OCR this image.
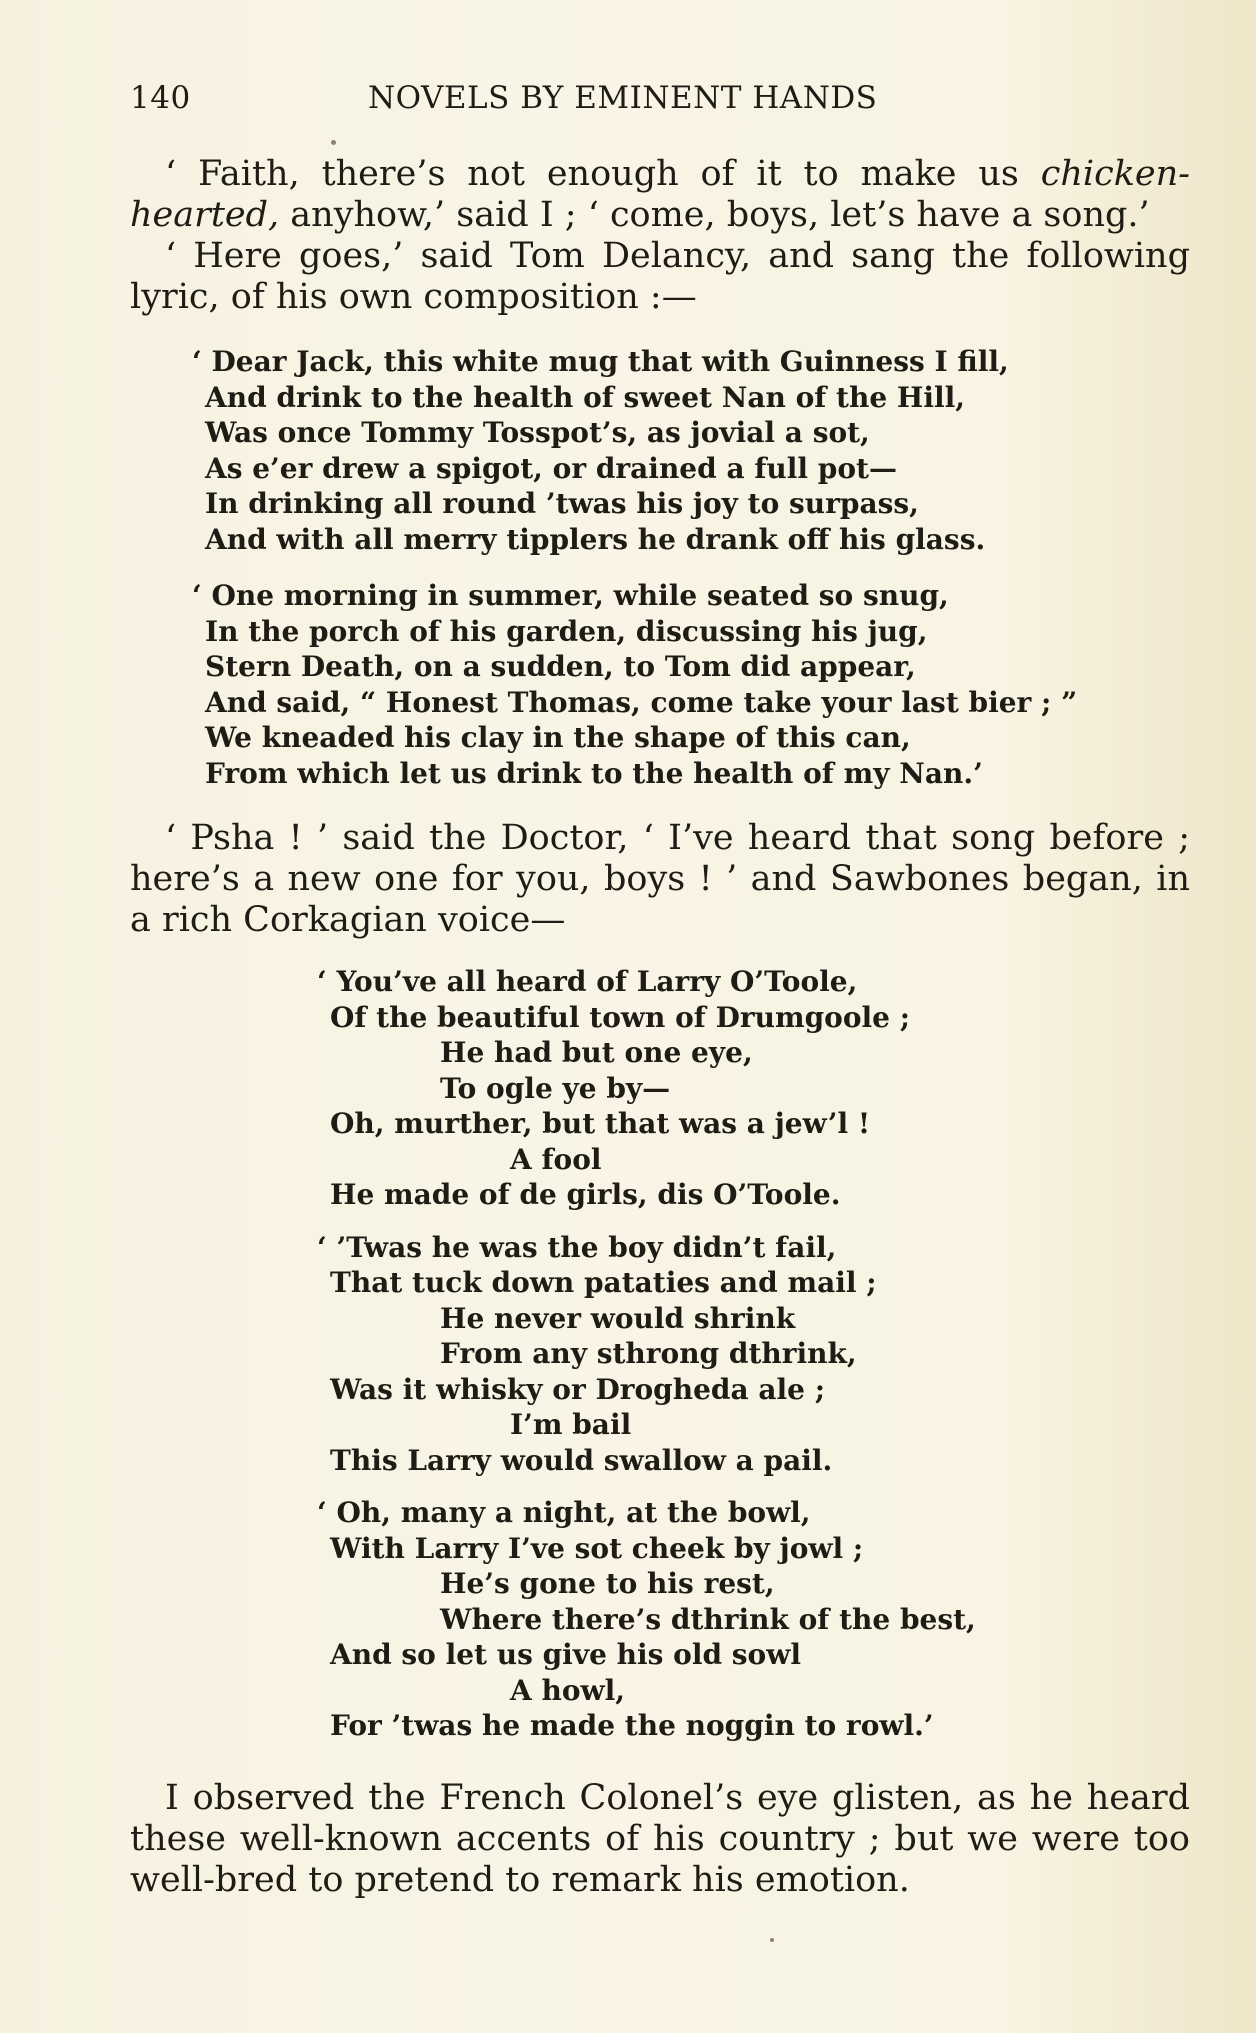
140	NOVELS BY EMINENT HANDS

‘ Faith, there’s not enough of it to make us chicken- hearted, anyhow,’ said I ; ‘ come, boys, let’s have a song.’

‘ Here goes,’ said Tom Delancy, and sang the following lyric, of his own composition :—

‘ Dear Jack, this white mug that with Guinness I fill,
And drink to the health of sweet Nan of the Hill,
Was once Tommy Tosspot’s, as jovial a sot,
As e’er drew a spigot, or drained a full pot—
In drinking all round ’twas his joy to surpass,
And with all merry tipplers he drank off his glass.
‘ One morning in summer, while seated so snug,
In the porch of his garden, discussing his jug,
Stern Death, on a sudden, to Tom did appear,
And said, “ Honest Thomas, come take your last bier ; ”
We kneaded his clay in the shape of this can,
From which let us drink to the health of my Nan.’

‘ Psha ! ’ said the Doctor, ‘ I’ve heard that song before ; here’s a new one for you, boys ! ’ and Sawbones began, in a rich Corkagian voice—

‘ You’ve all heard of Larry O’Toole,
Of the beautiful town of Drumgoole ;
He had but one eye,
To ogle ye by—
Oh, murther, but that was a jew’l !
A fool
He made of de girls, dis O’Toole.
‘ ’Twas he was the boy didn’t fail,
That tuck down pataties and mail ;
He never would shrink
From any sthrong dthrink,
Was it whisky or Drogheda ale ;
I’m bail
This Larry would swallow a pail.
‘ Oh, many a night, at the bowl,
With Larry I’ve sot cheek by jowl ;
He’s gone to his rest,
Where there’s dthrink of the best,
And so let us give his old sowl
A howl,
For ’twas he made the noggin to rowl.’

I observed the French Colonel’s eye glisten, as he heard these well-known accents of his country ; but we were too well-bred to pretend to remark his emotion.
